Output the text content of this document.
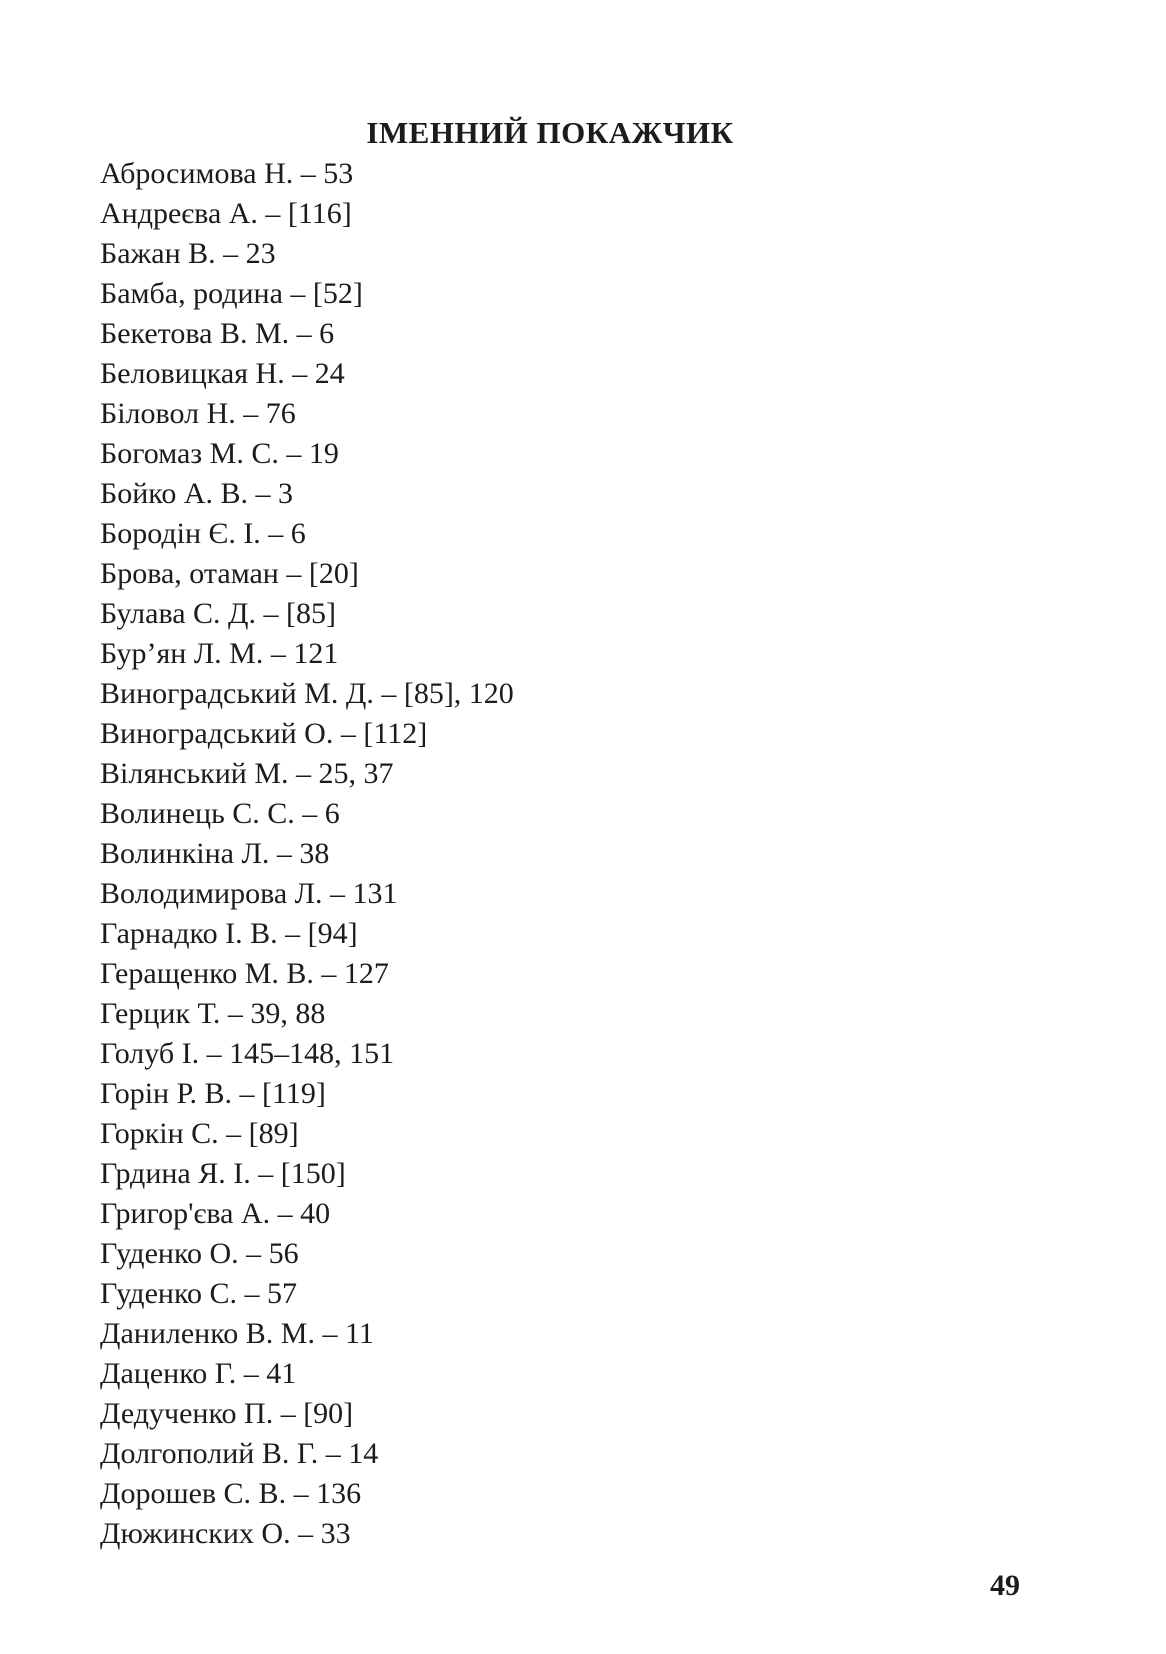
ІМЕННИЙ ПОКАЖЧИК
Абросимова Н. – 53
Андреєва А. – [116]
Бажан В. – 23
Бамба, родина – [52]
Бекетова В. М. – 6
Беловицкая Н. – 24
Біловол Н. – 76
Богомаз М. С. – 19
Бойко А. В. – 3
Бородін Є. І. – 6
Брова, отаман – [20]
Булава С. Д. – [85]
Бур’ян Л. М. – 121
Виноградський М. Д. – [85], 120
Виноградський О. – [112]
Вілянський М. – 25, 37
Волинець С. С. – 6
Волинкіна Л. – 38
Володимирова Л. – 131
Гарнадко І. В. – [94]
Геращенко М. В. – 127
Герцик Т. – 39, 88
Голуб І. – 145–148, 151
Горін Р. В. – [119]
Горкін С. – [89]
Грдина Я. І. – [150]
Григор'єва А. – 40
Гуденко О. – 56
Гуденко С. – 57
Даниленко В. М. – 11
Даценко Г. – 41
Дедученко П. – [90]
Долгополий В. Г. – 14
Дорошев С. В. – 136
Дюжинских О. – 33
49
